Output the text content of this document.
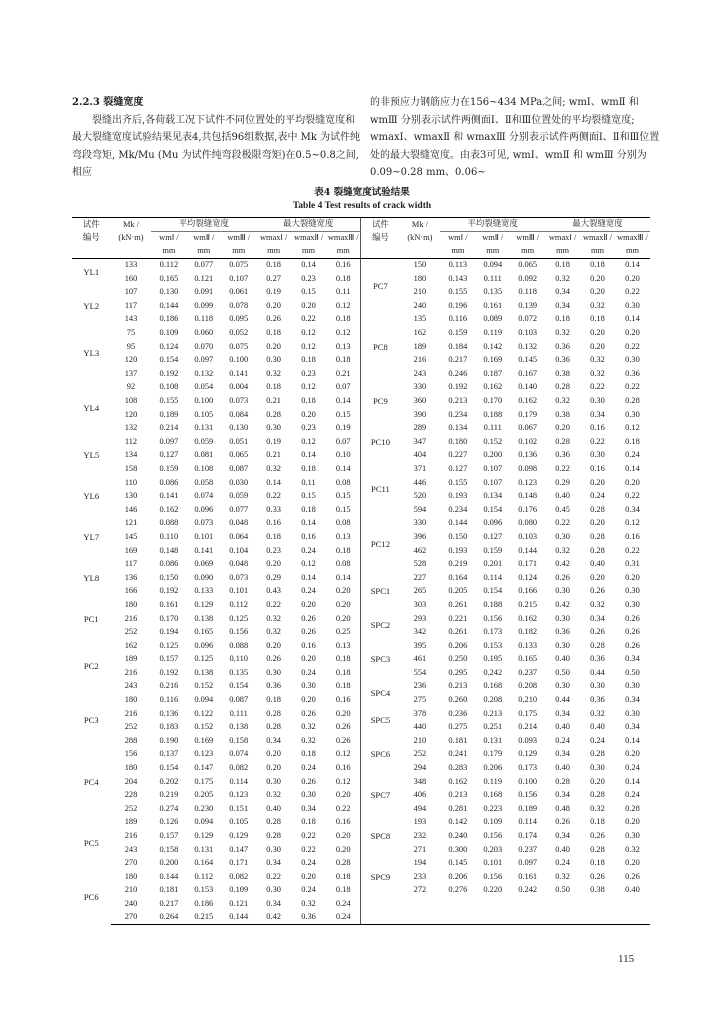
2.2.3 裂缝宽度

裂缝出齐后,各荷载工况下试件不同位置处的平均裂缝宽度和最大裂缝宽度试验结果见表4,共包括96组数据,表中 Mk 为试件纯弯段弯矩, Mk/Mu (Mu 为试件纯弯段极限弯矩)在0.5~0.8之间,相应

的非预应力钢筋应力在156~434 MPa之间; wmⅠ、wmⅡ 和 wmⅢ 分别表示试件两侧面Ⅰ、Ⅱ和Ⅲ位置处的平均裂缝宽度; wmaxⅠ、wmaxⅡ 和 wmaxⅢ 分别表示试件两侧面Ⅰ、Ⅱ和Ⅲ位置处的最大裂缝宽度。由表3可见, wmⅠ、wmⅡ 和 wmⅢ 分别为0.09~0.28 mm、0.06~

表4 裂缝宽度试验结果
Table 4 Test results of crack width
试件	Mk /	平均裂缝宽度			最大裂缝宽度			试件	Mk /	平均裂缝宽度			最大裂缝宽度		
编号	(kN·m)	wmⅠ /	wmⅡ /	wmⅢ /	wmaxⅠ /	wmaxⅡ /	wmaxⅢ /	编号	(kN·m)	wmⅠ /	wmⅡ /	wmⅢ /	wmaxⅠ /	wmaxⅡ /	wmaxⅢ /
		mm	mm	mm	mm	mm	mm			mm	mm	mm	mm	mm	mm
YL1	133	0.112	0.077	0.075	0.18	0.14	0.16	PC7	150	0.113	0.094	0.065	0.18	0.18	0.14
	160	0.165	0.121	0.107	0.27	0.23	0.18		180	0.143	0.111	0.092	0.32	0.20	0.20
YL2	107	0.130	0.091	0.061	0.19	0.15	0.11		210	0.155	0.135	0.118	0.34	0.20	0.22
	117	0.144	0.099	0.078	0.20	0.20	0.12		240	0.196	0.161	0.139	0.34	0.32	0.30
	143	0.186	0.118	0.095	0.26	0.22	0.18	PC8	135	0.116	0.089	0.072	0.18	0.18	0.14
YL3	75	0.109	0.060	0.052	0.18	0.12	0.12		162	0.159	0.119	0.103	0.32	0.20	0.20
	95	0.124	0.070	0.075	0.20	0.12	0.13		189	0.184	0.142	0.132	0.36	0.20	0.22
	120	0.154	0.097	0.100	0.30	0.18	0.18		216	0.217	0.169	0.145	0.36	0.32	0.30
	137	0.192	0.132	0.141	0.32	0.23	0.21		243	0.246	0.187	0.167	0.38	0.32	0.36
YL4	92	0.108	0.054	0.004	0.18	0.12	0.07	PC9	330	0.192	0.162	0.140	0.28	0.22	0.22
	108	0.155	0.100	0.073	0.21	0.18	0.14		360	0.213	0.170	0.162	0.32	0.30	0.28
	120	0.189	0.105	0.084	0.28	0.20	0.15		390	0.234	0.188	0.179	0.38	0.34	0.30
	132	0.214	0.131	0.130	0.30	0.23	0.19	PC10	289	0.134	0.111	0.067	0.20	0.16	0.12
YL5	112	0.097	0.059	0.051	0.19	0.12	0.07		347	0.180	0.152	0.102	0.28	0.22	0.18
	134	0.127	0.081	0.065	0.21	0.14	0.10		404	0.227	0.200	0.136	0.36	0.30	0.24
	158	0.159	0.108	0.087	0.32	0.18	0.14	PC11	371	0.127	0.107	0.098	0.22	0.16	0.14
YL6	110	0.086	0.058	0.030	0.14	0.11	0.08		446	0.155	0.107	0.123	0.29	0.20	0.20
	130	0.141	0.074	0.059	0.22	0.15	0.15		520	0.193	0.134	0.148	0.40	0.24	0.22
	146	0.162	0.096	0.077	0.33	0.18	0.15		594	0.234	0.154	0.176	0.45	0.28	0.34
YL7	121	0.088	0.073	0.048	0.16	0.14	0.08	PC12	330	0.144	0.096	0.080	0.22	0.20	0.12
	145	0.110	0.101	0.064	0.18	0.16	0.13		396	0.150	0.127	0.103	0.30	0.28	0.16
	169	0.148	0.141	0.104	0.23	0.24	0.18		462	0.193	0.159	0.144	0.32	0.28	0.22
YL8	117	0.086	0.069	0.048	0.20	0.12	0.08		528	0.219	0.201	0.171	0.42	0.40	0.31
	136	0.150	0.090	0.073	0.29	0.14	0.14	SPC1	227	0.164	0.114	0.124	0.26	0.20	0.20
	166	0.192	0.133	0.101	0.43	0.24	0.20		265	0.205	0.154	0.166	0.30	0.26	0.30
PC1	180	0.161	0.129	0.112	0.22	0.20	0.20		303	0.261	0.188	0.215	0.42	0.32	0.30
	216	0.170	0.138	0.125	0.32	0.26	0.20	SPC2	293	0.221	0.156	0.162	0.30	0.34	0.26
	252	0.194	0.165	0.156	0.32	0.26	0.25		342	0.261	0.173	0.182	0.36	0.26	0.26
PC2	162	0.125	0.096	0.088	0.20	0.16	0.13	SPC3	395	0.206	0.153	0.133	0.30	0.28	0.26
	189	0.157	0.125	0.110	0.26	0.20	0.18		461	0.250	0.195	0.165	0.40	0.36	0.34
	216	0.192	0.138	0.135	0.30	0.24	0.18		554	0.295	0.242	0.237	0.50	0.44	0.50
	243	0.216	0.152	0.154	0.36	0.30	0.18	SPC4	236	0.213	0.168	0.208	0.30	0.30	0.30
PC3	180	0.116	0.094	0.087	0.18	0.20	0.16		275	0.260	0.208	0.210	0.44	0.36	0.34
	216	0.136	0.122	0.111	0.28	0.26	0.20	SPC5	378	0.236	0.213	0.175	0.34	0.32	0.30
	252	0.183	0.152	0.138	0.28	0.32	0.26		440	0.275	0.251	0.214	0.40	0.40	0.34
	288	0.190	0.169	0.158	0.34	0.32	0.26	SPC6	210	0.181	0.131	0.093	0.24	0.24	0.14
PC4	156	0.137	0.123	0.074	0.20	0.18	0.12		252	0.241	0.179	0.129	0.34	0.28	0.20
	180	0.154	0.147	0.082	0.20	0.24	0.16		294	0.283	0.206	0.173	0.40	0.30	0.24
	204	0.202	0.175	0.114	0.30	0.26	0.12	SPC7	348	0.162	0.119	0.100	0.28	0.20	0.14
	228	0.219	0.205	0.123	0.32	0.30	0.20		406	0.213	0.168	0.156	0.34	0.28	0.24
	252	0.274	0.230	0.151	0.40	0.34	0.22		494	0.281	0.223	0.189	0.48	0.32	0.28
PC5	189	0.126	0.094	0.105	0.28	0.18	0.16	SPC8	193	0.142	0.109	0.114	0.26	0.18	0.20
	216	0.157	0.129	0.129	0.28	0.22	0.20		232	0.240	0.156	0.174	0.34	0.26	0.30
	243	0.158	0.131	0.147	0.30	0.22	0.20		271	0.300	0.203	0.237	0.40	0.28	0.32
	270	0.200	0.164	0.171	0.34	0.24	0.28	SPC9	194	0.145	0.101	0.097	0.24	0.18	0.20
PC6	180	0.144	0.112	0.082	0.22	0.20	0.18		233	0.206	0.156	0.161	0.32	0.26	0.26
	210	0.181	0.153	0.109	0.30	0.24	0.18		272	0.276	0.220	0.242	0.50	0.38	0.40
	240	0.217	0.186	0.121	0.34	0.32	0.24								
	270	0.264	0.215	0.144	0.42	0.36	0.24								
115
